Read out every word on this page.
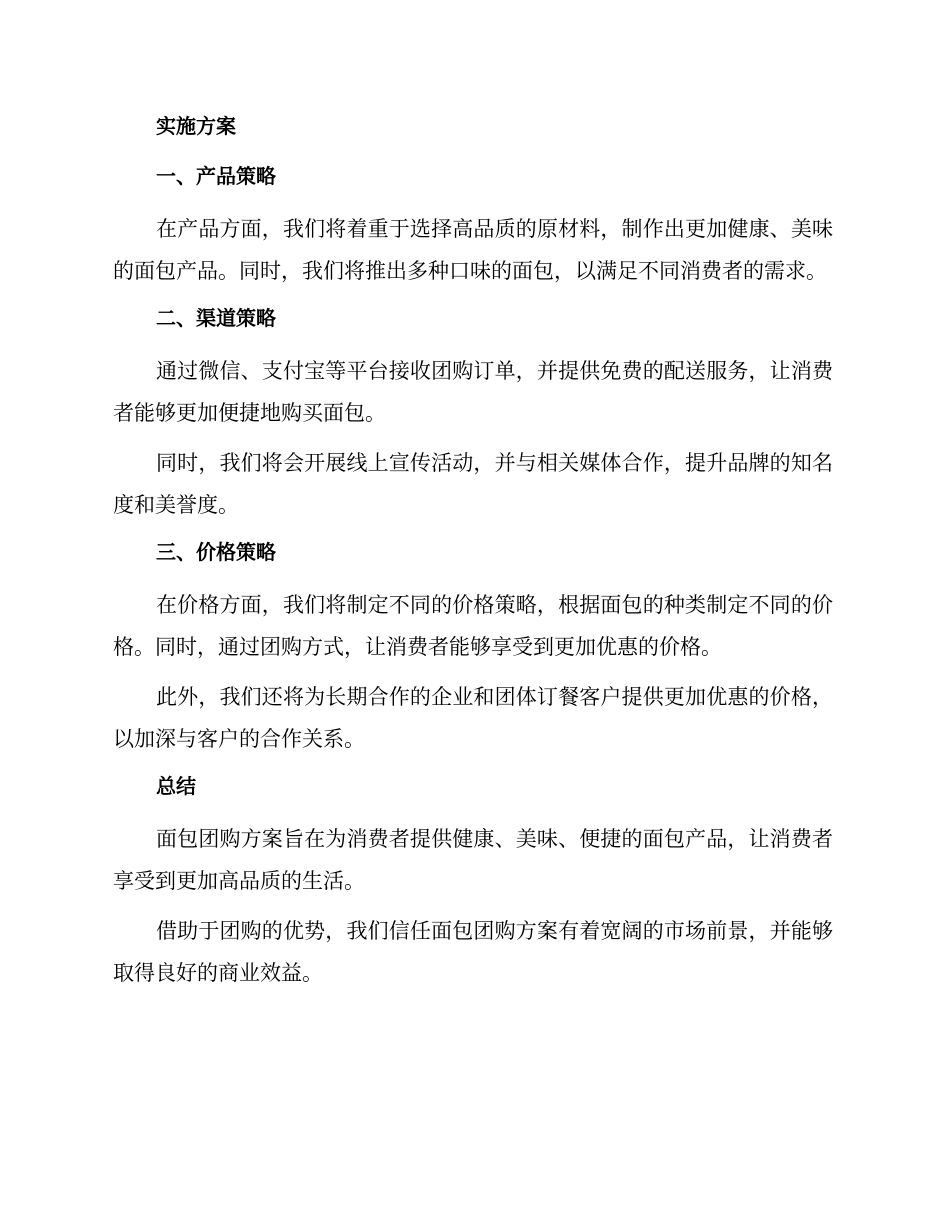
实施方案
一、产品策略

在产品方面，我们将着重于选择高品质的原材料，制作出更加健康、美味的面包产品。同时，我们将推出多种口味的面包，以满足不同消费者的需求。

二、渠道策略

通过微信、支付宝等平台接收团购订单，并提供免费的配送服务，让消费者能够更加便捷地购买面包。

同时，我们将会开展线上宣传活动，并与相关媒体合作，提升品牌的知名度和美誉度。

三、价格策略

在价格方面，我们将制定不同的价格策略，根据面包的种类制定不同的价格。同时，通过团购方式，让消费者能够享受到更加优惠的价格。

此外，我们还将为长期合作的企业和团体订餐客户提供更加优惠的价格，以加深与客户的合作关系。

总结

面包团购方案旨在为消费者提供健康、美味、便捷的面包产品，让消费者享受到更加高品质的生活。

借助于团购的优势，我们信任面包团购方案有着宽阔的市场前景，并能够取得良好的商业效益。
